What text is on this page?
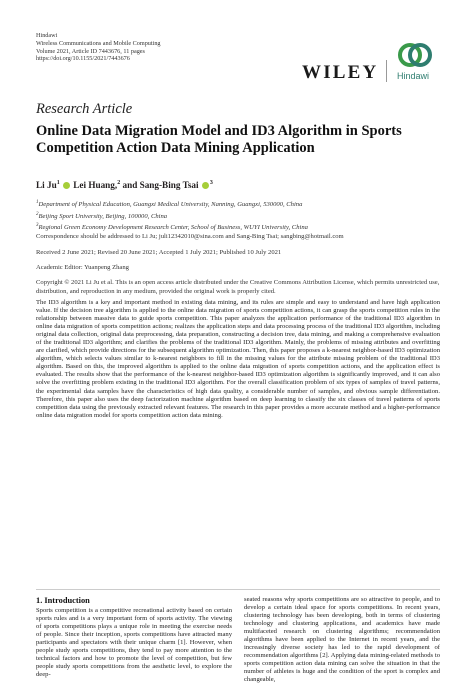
Hindawi
Wireless Communications and Mobile Computing
Volume 2021, Article ID 7443676, 11 pages
https://doi.org/10.1155/2021/7443676
WILEY Hindawi
Research Article
Online Data Migration Model and ID3 Algorithm in Sports Competition Action Data Mining Application
Li Ju$^1$ Lei Huang,$^2$ and Sang-Bing Tsai $^3$
$^1$Department of Physical Education, Guangxi Medical University, Nanning, Guangxi, 530000, China
$^2$Beijing Sport University, Beijing, 100000, China
$^3$Regional Green Economy Development Research Center, School of Business, WUYI University, China
Correspondence should be addressed to Li Ju; juli12342010@sina.com and Sang-Bing Tsai; sangbing@hotmail.com
Received 2 June 2021; Revised 20 June 2021; Accepted 1 July 2021; Published 10 July 2021
Academic Editor: Yuanpeng Zhang
Copyright © 2021 Li Ju et al. This is an open access article distributed under the Creative Commons Attribution License, which permits unrestricted use, distribution, and reproduction in any medium, provided the original work is properly cited.
The ID3 algorithm is a key and important method in existing data mining, and its rules are simple and easy to understand and have high application value. If the decision tree algorithm is applied to the online data migration of sports competition actions, it can grasp the sports competition rules in the relationship between massive data to guide sports competition. This paper analyzes the application performance of the traditional ID3 algorithm in online data migration of sports competition actions; realizes the application steps and data processing process of the traditional ID3 algorithm, including original data collection, original data preprocessing, data preparation, constructing a decision tree, data mining, and making a comprehensive evaluation of the traditional ID3 algorithm; and clarifies the problems of the traditional ID3 algorithm. Mainly, the problems of missing attributes and overfitting are clarified, which provide directions for the subsequent algorithm optimization. Then, this paper proposes a k-nearest neighbor-based ID3 optimization algorithm, which selects values similar to k-nearest neighbors to fill in the missing values for the attribute missing problem of the traditional ID3 algorithm. Based on this, the improved algorithm is applied to the online data migration of sports competition actions, and the application effect is evaluated. The results show that the performance of the k-nearest neighbor-based ID3 optimization algorithm is significantly improved, and it can also solve the overfitting problem existing in the traditional ID3 algorithm. For the overall classification problem of six types of samples of travel patterns, the experimental data samples have the characteristics of high data quality, a considerable number of samples, and obvious sample differentiation. Therefore, this paper also uses the deep factorization machine algorithm based on deep learning to classify the six classes of travel patterns of sports competition data using the previously extracted relevant features. The research in this paper provides a more accurate method and a higher-performance online data migration model for sports competition action data mining.
1. Introduction
Sports competition is a competitive recreational activity based on certain sports rules and is a very important form of sports activity. The viewing of sports competitions plays a unique role in meeting the exercise needs of people. Since their inception, sports competitions have attracted many participants and spectators with their unique charm [1]. However, when people study sports competitions, they tend to pay more attention to the technical factors and how to promote the level of competition, but few people study sports competitions from the aesthetic level, to explore the deep-
seated reasons why sports competitions are so attractive to people, and to develop a certain ideal space for sports competitions. In recent years, clustering technology has been developing, both in terms of clustering technology and clustering applications, and academics have made multifaceted research on clustering algorithms; recommendation algorithms have been applied to the Internet in recent years, and the increasingly diverse society has led to the rapid development of recommendation algorithms [2]. Applying data mining-related methods to sports competition action data mining can solve the situation in that the number of athletes is huge and the condition of the sport is complex and changeable,
